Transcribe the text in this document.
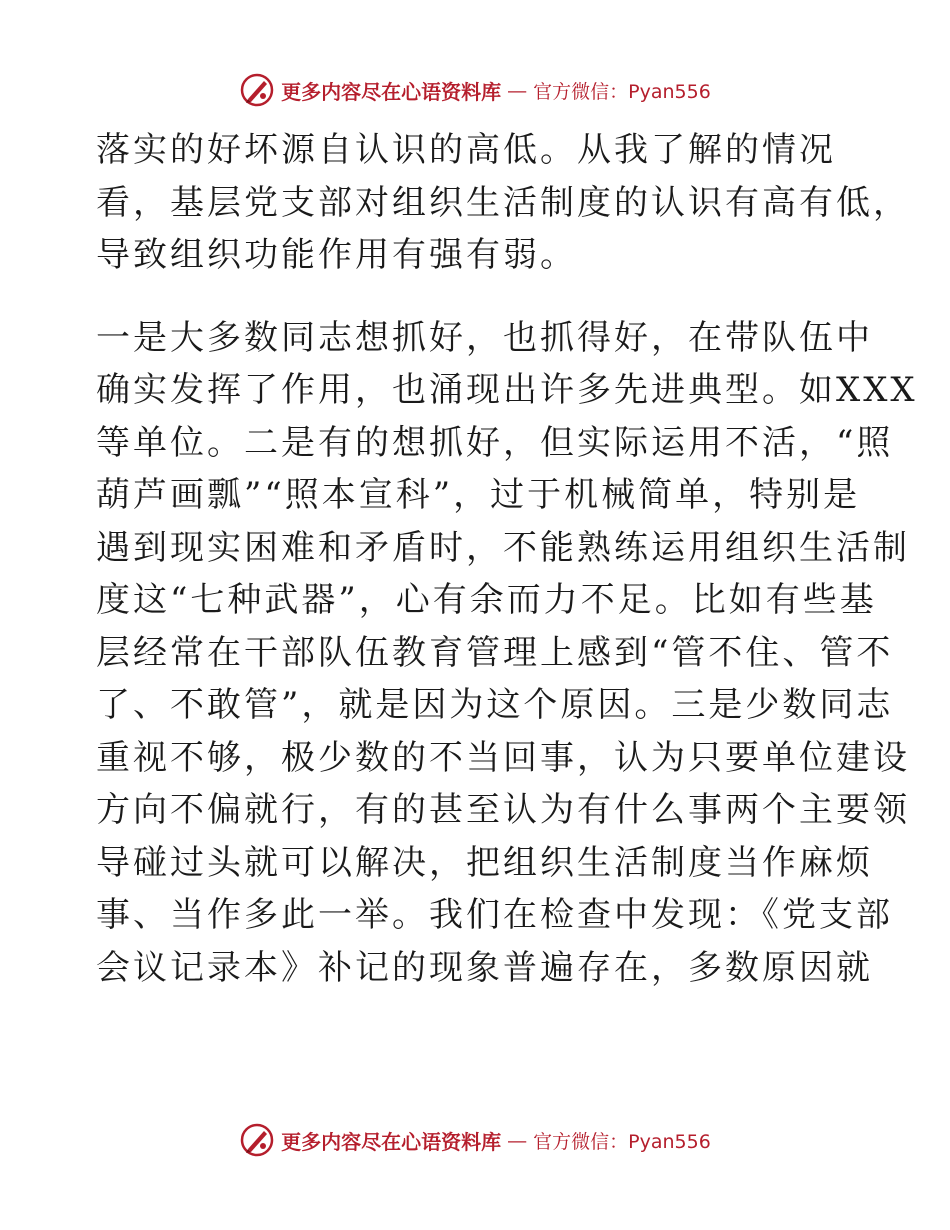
更多内容尽在心语资料库 — 官方微信：Pyan556

落实的好坏源自认识的高低。从我了解的情况
看，基层党支部对组织生活制度的认识有高有低，
导致组织功能作用有强有弱。

一是大多数同志想抓好，也抓得好，在带队伍中
确实发挥了作用，也涌现出许多先进典型。如XXX
等单位。二是有的想抓好，但实际运用不活，“照
葫芦画瓢”“照本宣科”，过于机械简单，特别是
遇到现实困难和矛盾时，不能熟练运用组织生活制
度这“七种武器”，心有余而力不足。比如有些基
层经常在干部队伍教育管理上感到“管不住、管不
了、不敢管”，就是因为这个原因。三是少数同志
重视不够，极少数的不当回事，认为只要单位建设
方向不偏就行，有的甚至认为有什么事两个主要领
导碰过头就可以解决，把组织生活制度当作麻烦
事、当作多此一举。我们在检查中发现：《党支部
会议记录本》补记的现象普遍存在，多数原因就

更多内容尽在心语资料库 — 官方微信：Pyan556
